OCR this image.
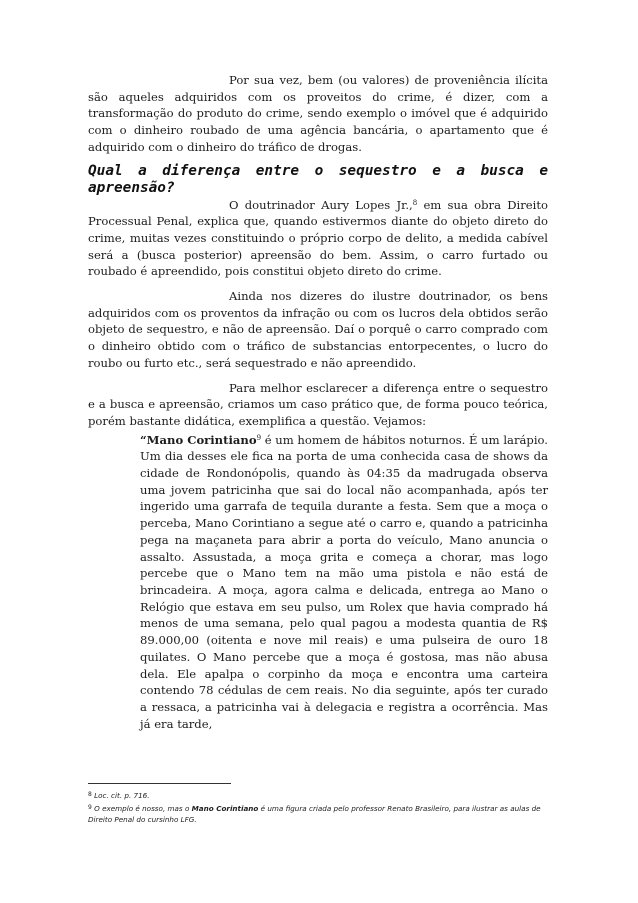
Por sua vez, bem (ou valores) de proveniência ilícita são aqueles adquiridos com os proveitos do crime, é dizer, com a transformação do produto do crime, sendo exemplo o imóvel que é adquirido com o dinheiro roubado de uma agência bancária, o apartamento que é adquirido com o dinheiro do tráfico de drogas.

Qual a diferença entre o sequestro e a busca e apreensão?

O doutrinador Aury Lopes Jr.,$^8$ em sua obra Direito Processual Penal, explica que, quando estivermos diante do objeto direto do crime, muitas vezes constituindo o próprio corpo de delito, a medida cabível será a (busca posterior) apreensão do bem. Assim, o carro furtado ou roubado é apreendido, pois constitui objeto direto do crime.

Ainda nos dizeres do ilustre doutrinador, os bens adquiridos com os proventos da infração ou com os lucros dela obtidos serão objeto de sequestro, e não de apreensão. Daí o porquê o carro comprado com o dinheiro obtido com o tráfico de substancias entorpecentes, o lucro do roubo ou furto etc., será sequestrado e não apreendido.

Para melhor esclarecer a diferença entre o sequestro e a busca e apreensão, criamos um caso prático que, de forma pouco teórica, porém bastante didática, exemplifica a questão. Vejamos:

“Mano Corintiano$^9$ é um homem de hábitos noturnos. É um larápio. Um dia desses ele fica na porta de uma conhecida casa de shows da cidade de Rondonópolis, quando às 04:35 da madrugada observa uma jovem patricinha que sai do local não acompanhada, após ter ingerido uma garrafa de tequila durante a festa. Sem que a moça o perceba, Mano Corintiano a segue até o carro e, quando a patricinha pega na maçaneta para abrir a porta do veículo, Mano anuncia o assalto. Assustada, a moça grita e começa a chorar, mas logo percebe que o Mano tem na mão uma pistola e não está de brincadeira. A moça, agora calma e delicada, entrega ao Mano o Relógio que estava em seu pulso, um Rolex que havia comprado há menos de uma semana, pelo qual pagou a modesta quantia de R$ 89.000,00 (oitenta e nove mil reais) e uma pulseira de ouro 18 quilates. O Mano percebe que a moça é gostosa, mas não abusa dela. Ele apalpa o corpinho da moça e encontra uma carteira contendo 78 cédulas de cem reais. No dia seguinte, após ter curado a ressaca, a patricinha vai à delegacia e registra a ocorrência. Mas já era tarde,

$^8$ Loc. cit. p. 716.
$^9$ O exemplo é nosso, mas o Mano Corintiano é uma figura criada pelo professor Renato Brasileiro, para ilustrar as aulas de Direito Penal do cursinho LFG.
